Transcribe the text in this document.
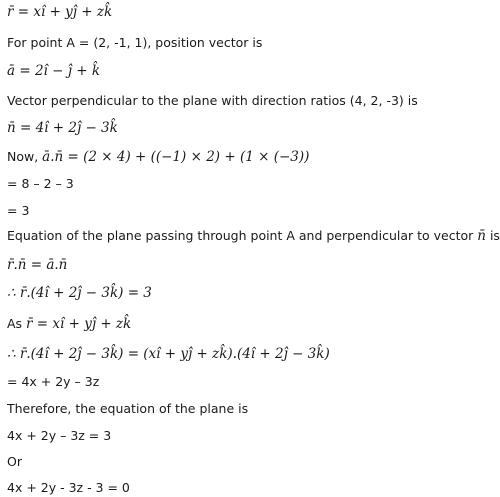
r̄ = xî + yĵ + zk̂
For point A = (2, -1, 1), position vector is
ā = 2î − ĵ + k̂
Vector perpendicular to the plane with direction ratios (4, 2, -3) is
n̄ = 4î + 2ĵ − 3k̂
Now, ā.n̄ = (2 × 4) + ((−1) × 2) + (1 × (−3))
= 8 – 2 – 3
= 3
Equation of the plane passing through point A and perpendicular to vector n̄ is
r̄.n̄ = ā.n̄
∴ r̄.(4î + 2ĵ − 3k̂) = 3
As r̄ = xî + yĵ + zk̂
∴ r̄.(4î + 2ĵ − 3k̂) = (xî + yĵ + zk̂).(4î + 2ĵ − 3k̂)
= 4x + 2y – 3z
Therefore, the equation of the plane is
4x + 2y – 3z = 3
Or
4x + 2y - 3z - 3 = 0
